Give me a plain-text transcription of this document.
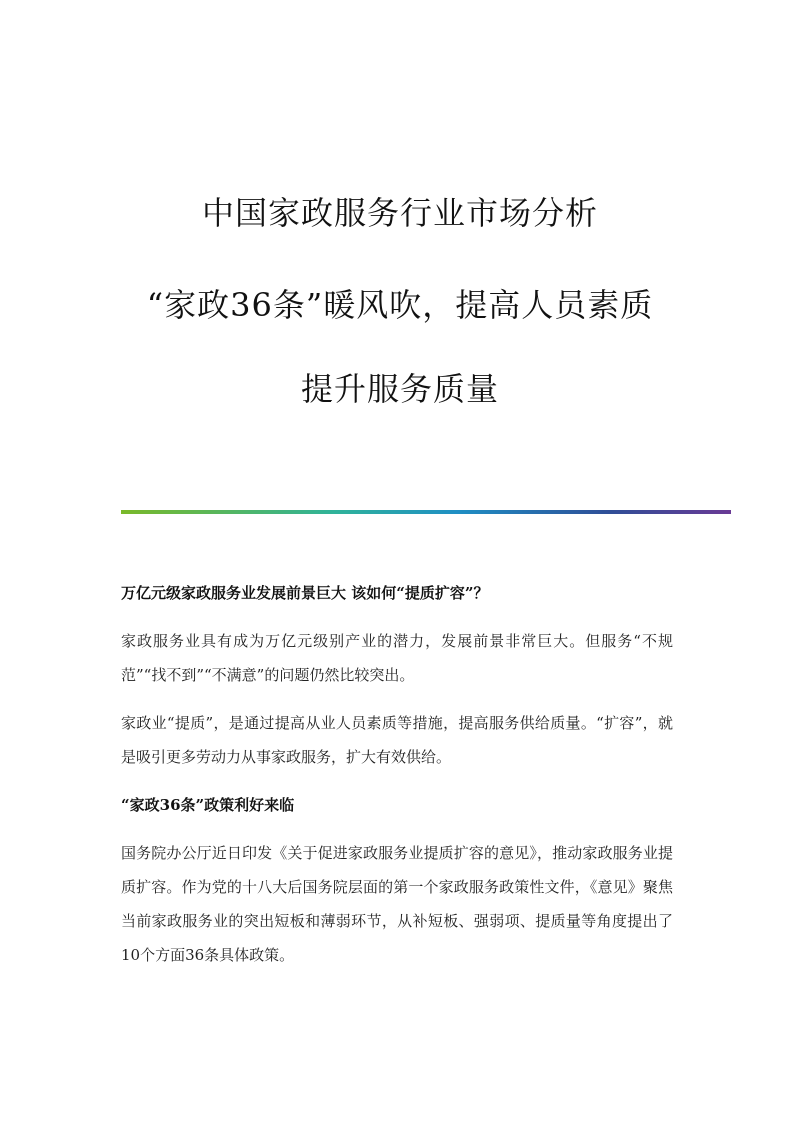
中国家政服务行业市场分析
“家政36条”暖风吹，提高人员素质
提升服务质量
万亿元级家政服务业发展前景巨大 该如何“提质扩容”？

家政服务业具有成为万亿元级别产业的潜力，发展前景非常巨大。但服务“不规范”“找不到”“不满意”的问题仍然比较突出。

家政业“提质”，是通过提高从业人员素质等措施，提高服务供给质量。“扩容”，就是吸引更多劳动力从事家政服务，扩大有效供给。

“家政36条”政策利好来临

国务院办公厅近日印发《关于促进家政服务业提质扩容的意见》，推动家政服务业提质扩容。作为党的十八大后国务院层面的第一个家政服务政策性文件，《意见》聚焦当前家政服务业的突出短板和薄弱环节，从补短板、强弱项、提质量等角度提出了10个方面36条具体政策。
